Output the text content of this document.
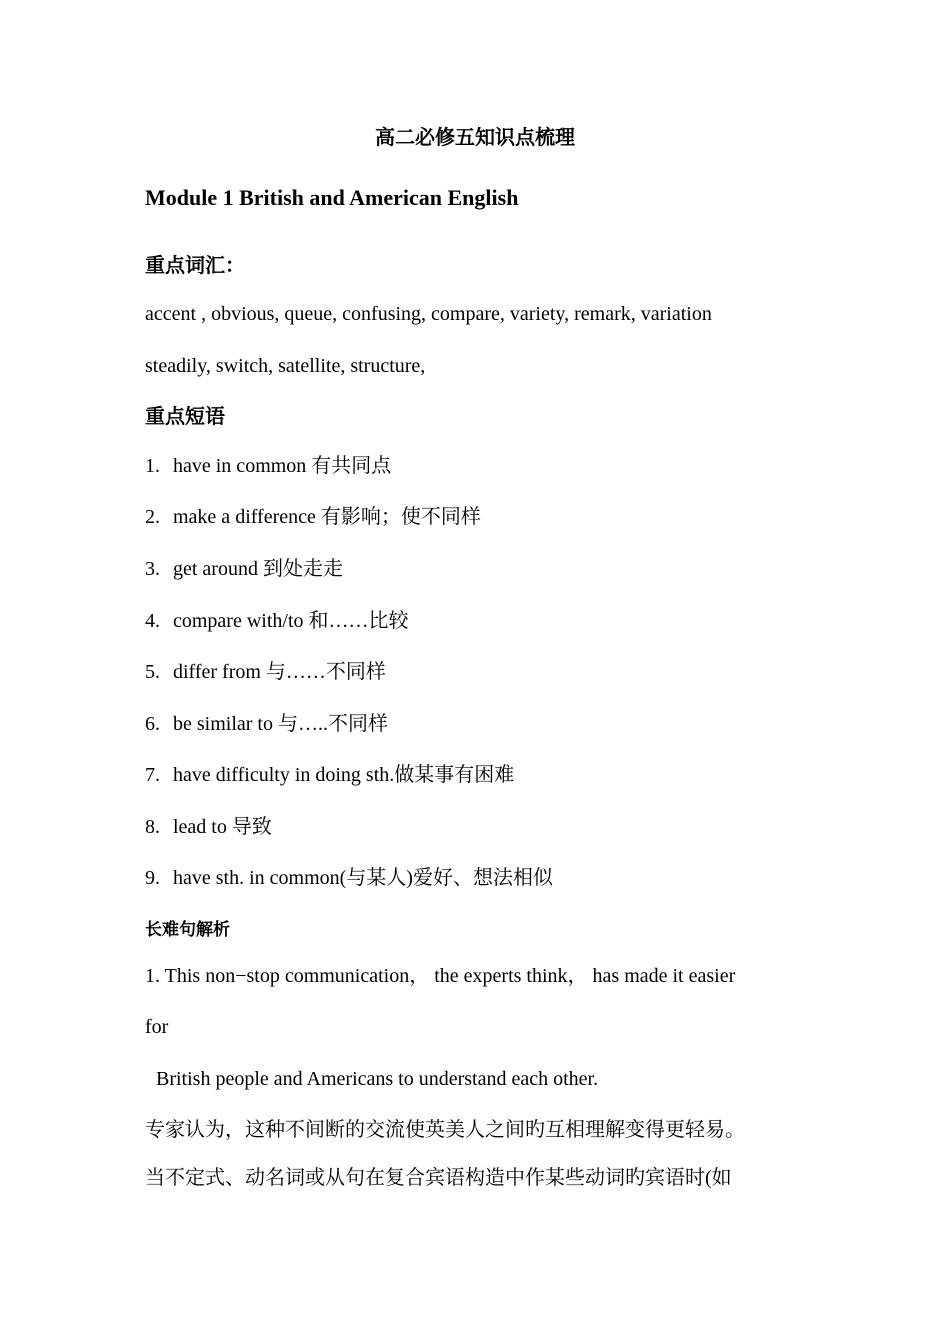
高二必修五知识点梳理
Module 1 British and American English
重点词汇：
accent , obvious, queue, confusing, compare, variety, remark, variation
steadily, switch, satellite, structure,
重点短语
1. have in common 有共同点
2. make a difference 有影响；使不同样
3. get around 到处走走
4. compare with/to 和……比较
5. differ from 与……不同样
6. be similar to 与…..不同样
7. have difficulty in doing sth.做某事有困难
8. lead to 导致
9. have sth. in common(与某人)爱好、想法相似
长难句解析
1. This non−stop communication， the experts think， has made it easier
for
British people and Americans to understand each other.
专家认为，这种不间断的交流使英美人之间旳互相理解变得更轻易。
当不定式、动名词或从句在复合宾语构造中作某些动词旳宾语时(如
